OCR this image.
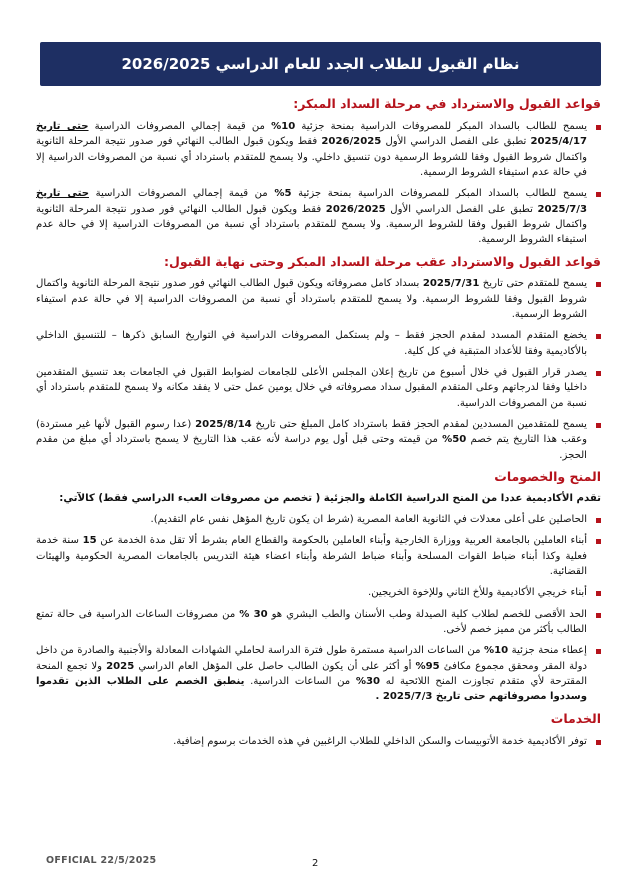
نظام القبول للطلاب الجدد للعام الدراسي 2026/2025
قواعد القبول والاسترداد في مرحلة السداد المبكر:
يسمح للطالب بالسداد المبكر للمصروفات الدراسية بمنحة جزئية 10% من قيمة إجمالي المصروفات الدراسية حتى تاريخ 2025/4/17 تطبق على الفصل الدراسي الأول 2026/2025 فقط ويكون قبول الطالب النهائي فور صدور نتيجة المرحلة الثانوية واكتمال شروط القبول وفقا للشروط الرسمية دون تنسيق داخلي. ولا يسمح للمتقدم باسترداد أي نسبة من المصروفات الدراسية إلا في حالة عدم استيفاء الشروط الرسمية.
يسمح للطالب بالسداد المبكر للمصروفات الدراسية بمنحة جزئية 5% من قيمة إجمالي المصروفات الدراسية حتى تاريخ 2025/7/3 تطبق على الفصل الدراسي الأول 2026/2025 فقط ويكون قبول الطالب النهائي فور صدور نتيجة المرحلة الثانوية واكتمال شروط القبول وفقا للشروط الرسمية. ولا يسمح للمتقدم باسترداد أي نسبة من المصروفات الدراسية إلا في حالة عدم استيفاء الشروط الرسمية.
قواعد القبول والاسترداد عقب مرحلة السداد المبكر وحتى نهاية القبول:
يسمح للمتقدم حتى تاريخ 2025/7/31 بسداد كامل مصروفاته ويكون قبول الطالب النهائي فور صدور نتيجة المرحلة الثانوية واكتمال شروط القبول وفقا للشروط الرسمية. ولا يسمح للمتقدم باسترداد أي نسبة من المصروفات الدراسية إلا في حالة عدم استيفاء الشروط الرسمية.
يخضع المتقدم المسدد لمقدم الحجز فقط – ولم يستكمل المصروفات الدراسية في التواريخ السابق ذكرها – للتنسيق الداخلي بالأكاديمية وفقا للأعداد المتبقية في كل كلية.
يصدر قرار القبول في خلال أسبوع من تاريخ إعلان المجلس الأعلى للجامعات لضوابط القبول في الجامعات بعد تنسيق المتقدمين داخليا وفقا لدرجاتهم وعلى المتقدم المقبول سداد مصروفاته في خلال يومين عمل حتى لا يفقد مكانه ولا يسمح للمتقدم باسترداد أي نسبة من المصروفات الدراسية.
يسمح للمتقدمين المسددين لمقدم الحجز فقط باسترداد كامل المبلغ حتى تاريخ 2025/8/14 (عدا رسوم القبول لأنها غير مستردة) وعقب هذا التاريخ يتم خصم 50% من قيمته وحتى قبل أول يوم دراسة لأنه عقب هذا التاريخ لا يسمح باسترداد أي مبلغ من مقدم الحجز.
المنح والخصومات
تقدم الأكاديمية عددا من المنح الدراسية الكاملة والجزئية ( تخصم من مصروفات العبء الدراسي فقط) كالآتي:
الحاصلين على أعلى معدلات في الثانوية العامة المصرية (شرط ان يكون تاريخ المؤهل نفس عام التقديم).
أبناء العاملين بالجامعة العربية ووزارة الخارجية وأبناء العاملين بالحكومة والقطاع العام بشرط ألا تقل مدة الخدمة عن 15 سنة خدمة فعلية وكذا أبناء ضباط القوات المسلحة وأبناء ضباط الشرطة وأبناء اعضاء هيئة التدريس بالجامعات المصرية الحكومية والهيئات القضائية.
أبناء خريجي الأكاديمية وللأخ الثاني وللإخوة الخريجين.
الحد الأقصى للخصم لطلاب كلية الصيدلة وطب الأسنان والطب البشري هو 30 % من مصروفات الساعات الدراسية فى حالة تمتع الطالب بأكثر من مميز خصم لأخى.
إعطاء منحة جزئية 10% من الساعات الدراسية مستمرة طول فترة الدراسة لحاملي الشهادات المعادلة والأجنبية والصادرة من داخل دولة المقر ومحقق مجموع مكافئ 95% أو أكثر على أن يكون الطالب حاصل على المؤهل العام الدراسي 2025 ولا تجمع المنحة المقترحة لأي متقدم تجاوزت المنح اللائحية له 30% من الساعات الدراسية. ينطبق الخصم على الطلاب الذين تقدموا وسددوا مصروفاتهم حتى تاريخ 2025/7/3 .
الخدمات
توفر الأكاديمية خدمة الأتوبيسات والسكن الداخلي للطلاب الراغبين في هذه الخدمات برسوم إضافية.
OFFICIAL 22/5/2025	2
